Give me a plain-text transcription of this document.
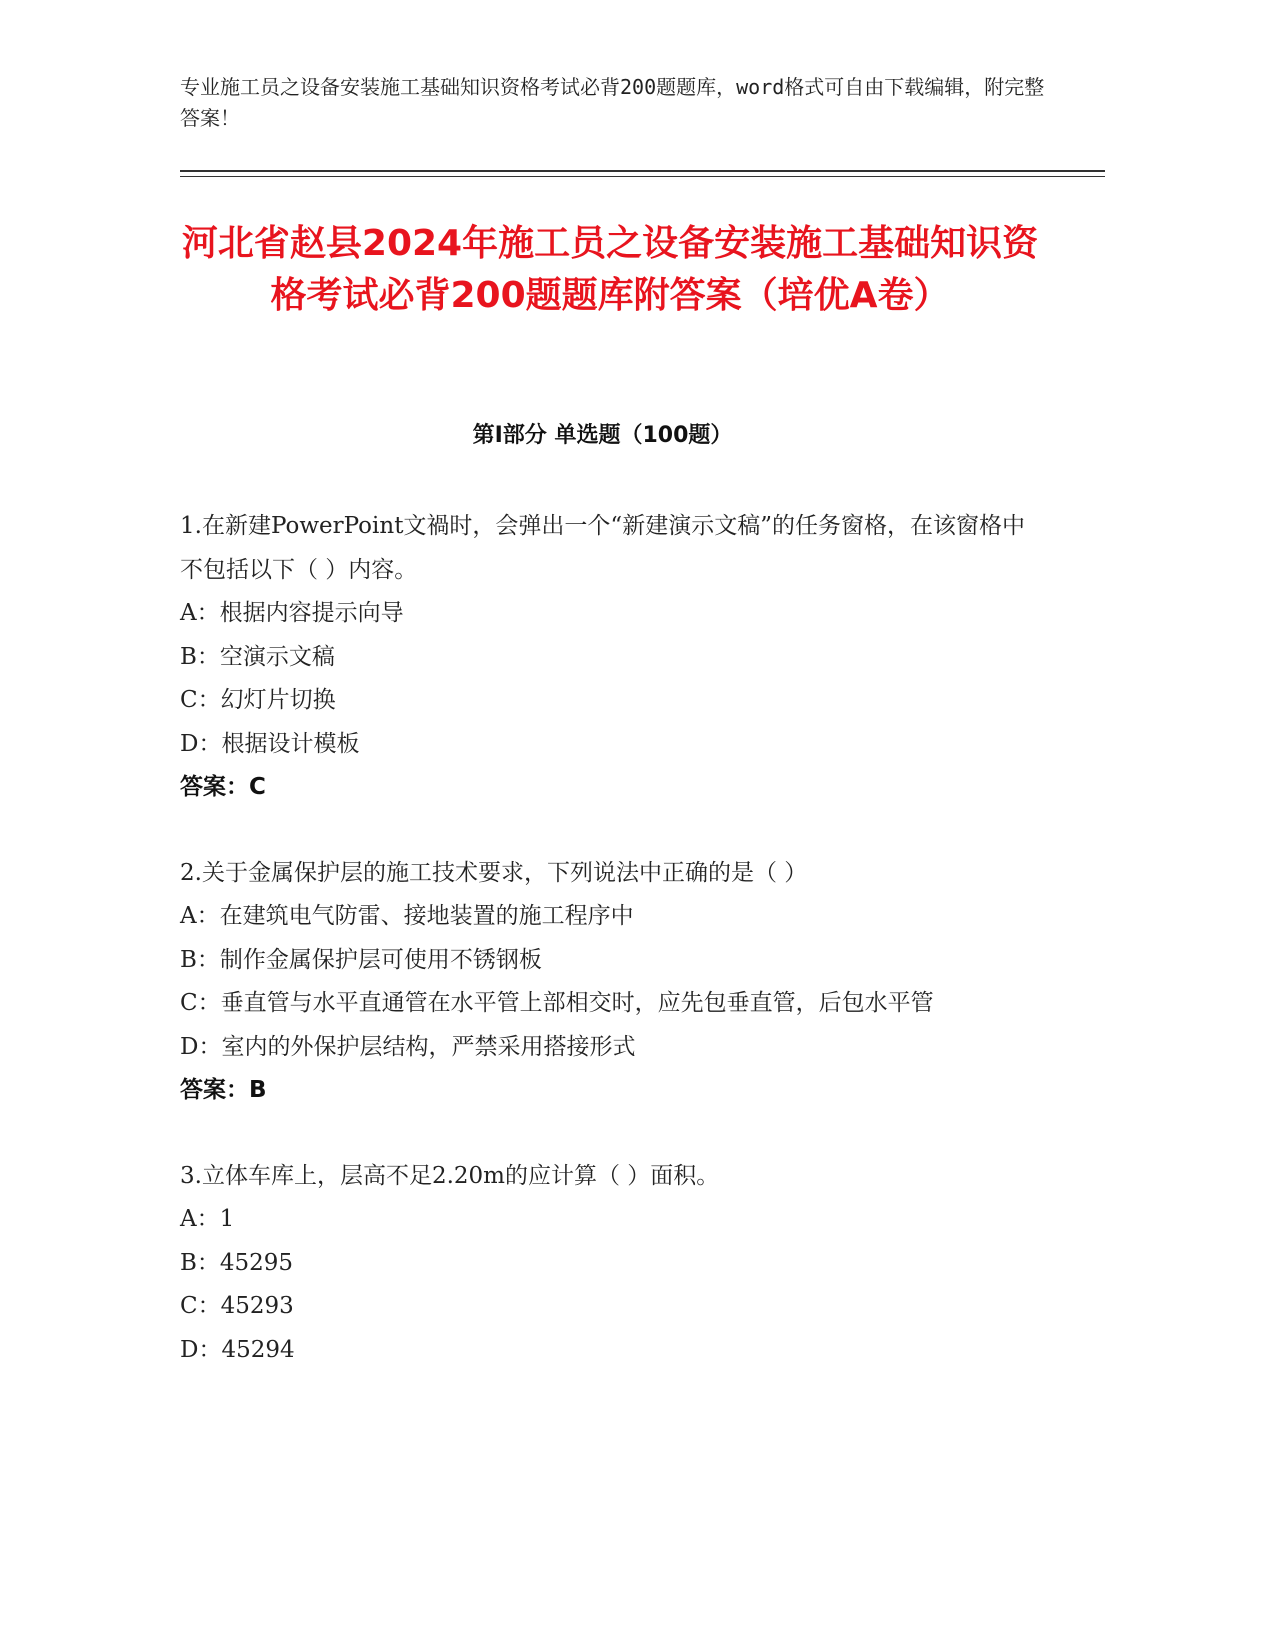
专业施工员之设备安装施工基础知识资格考试必背200题题库，word格式可自由下载编辑，附完整答案！
河北省赵县2024年施工员之设备安装施工基础知识资格考试必背200题题库附答案（培优A卷）
第Ⅰ部分 单选题（100题）

1.在新建PowerPoint文禍时，会弹出一个“新建演示文稿”的任务窗格，在该窗格中不包括以下（ ）内容。

A：根据内容提示向导

B：空演示文稿

C：幻灯片切换

D：根据设计模板

答案：C

2.关于金属保护层的施工技术要求，下列说法中正确的是（ ）

A：在建筑电气防雷、接地装置的施工程序中

B：制作金属保护层可使用不锈钢板

C：垂直管与水平直通管在水平管上部相交时，应先包垂直管，后包水平管

D：室内的外保护层结构，严禁采用搭接形式

答案：B

3.立体车库上，层高不足2.20m的应计算（ ）面积。

A：1

B：45295

C：45293

D：45294
